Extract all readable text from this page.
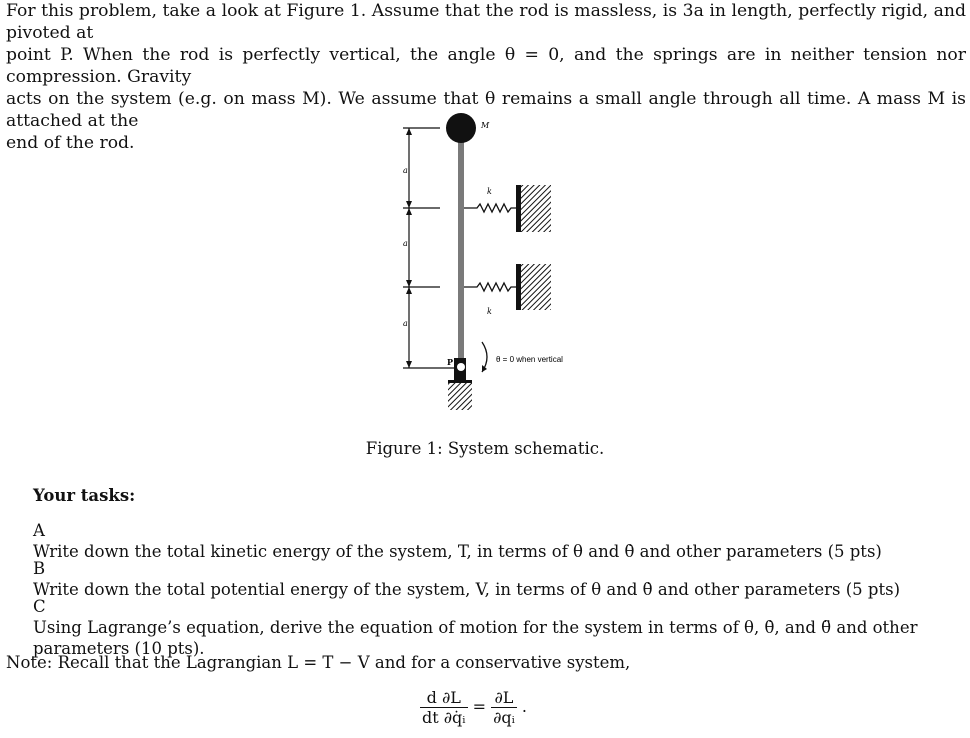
For this problem, take a look at Figure 1. Assume that the rod is massless, is 3a in length, perfectly rigid, and pivoted at

point P. When the rod is perfectly vertical, the angle θ = 0, and the springs are in neither tension nor compression. Gravity

acts on the system (e.g. on mass M). We assume that θ remains a small angle through all time. A mass M is attached at the

end of the rod.

a
a
a
M
k
k
P	θ = 0 when vertical
Figure 1: System schematic.
Your tasks:
A Write down the total kinetic energy of the system, T, in terms of θ and θ̇ and other parameters (5 pts)
B Write down the total potential energy of the system, V, in terms of θ and θ̇ and other parameters (5 pts)
C Using Lagrange’s equation, derive the equation of motion for the system in terms of θ, θ̇, and θ̈ and other parameters (10 pts).
Note: Recall that the Lagrangian L = T − V and for a conservative system,
$\frac{d \partial L}{\text{dt ∂q̇ᵢ}} = \frac{\partial L}{\text{∂qᵢ}}$ .
